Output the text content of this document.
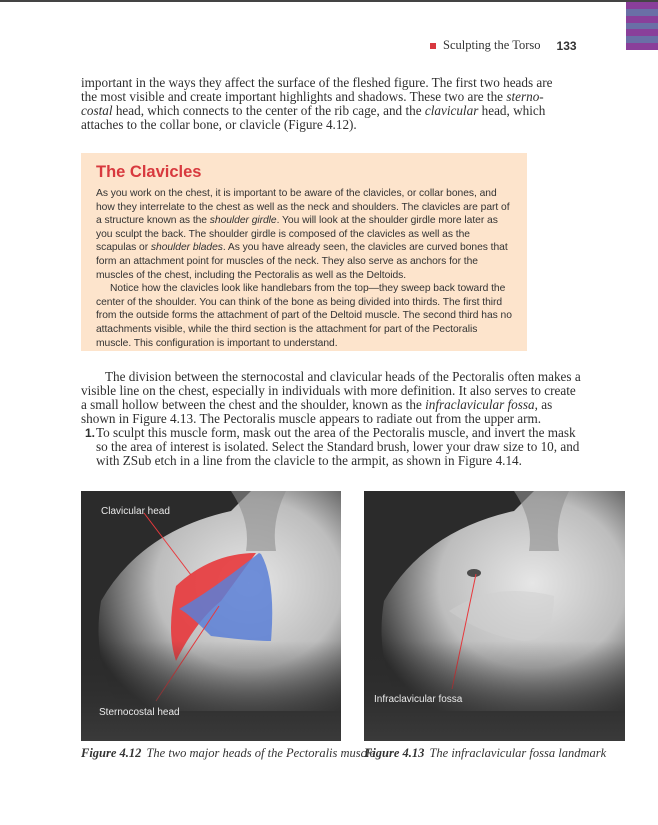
Sculpting the Torso 133

important in the ways they affect the surface of the fleshed figure. The first two heads are

the most visible and create important highlights and shadows. These two are the sterno-

costal head, which connects to the center of the rib cage, and the clavicular head, which

attaches to the collar bone, or clavicle (Figure 4.12).

The Clavicles

As you work on the chest, it is important to be aware of the clavicles, or collar bones, and how they interrelate to the chest as well as the neck and shoulders. The clavicles are part of a structure known as the shoulder girdle. You will look at the shoulder girdle more later as you sculpt the back. The shoulder girdle is composed of the clavicles as well as the scapulas or shoulder blades. As you have already seen, the clavicles are curved bones that form an attachment point for muscles of the neck. They also serve as anchors for the muscles of the chest, including the Pectoralis as well as the Deltoids.

Notice how the clavicles look like handlebars from the top—they sweep back toward the center of the shoulder. You can think of the bone as being divided into thirds. The first third from the outside forms the attachment of part of the Deltoid muscle. The second third has no attachments visible, while the third section is the attachment for part of the Pectoralis muscle. This configuration is important to understand.

The division between the sternocostal and clavicular heads of the Pectoralis often makes a visible line on the chest, especially in individuals with more definition. It also serves to create a small hollow between the chest and the shoulder, known as the infraclavicular fossa, as shown in Figure 4.13. The Pectoralis muscle appears to radiate out from the upper arm.

1. To sculpt this muscle form, mask out the area of the Pectoralis muscle, and invert the mask so the area of interest is isolated. Select the Standard brush, lower your draw size to 10, and with ZSub etch in a line from the clavicle to the armpit, as shown in Figure 4.14.
Clavicular head
Sternocostal head
Figure 4.12 The two major heads of the Pectoralis muscle
Infraclavicular fossa
Figure 4.13 The infraclavicular fossa landmark
